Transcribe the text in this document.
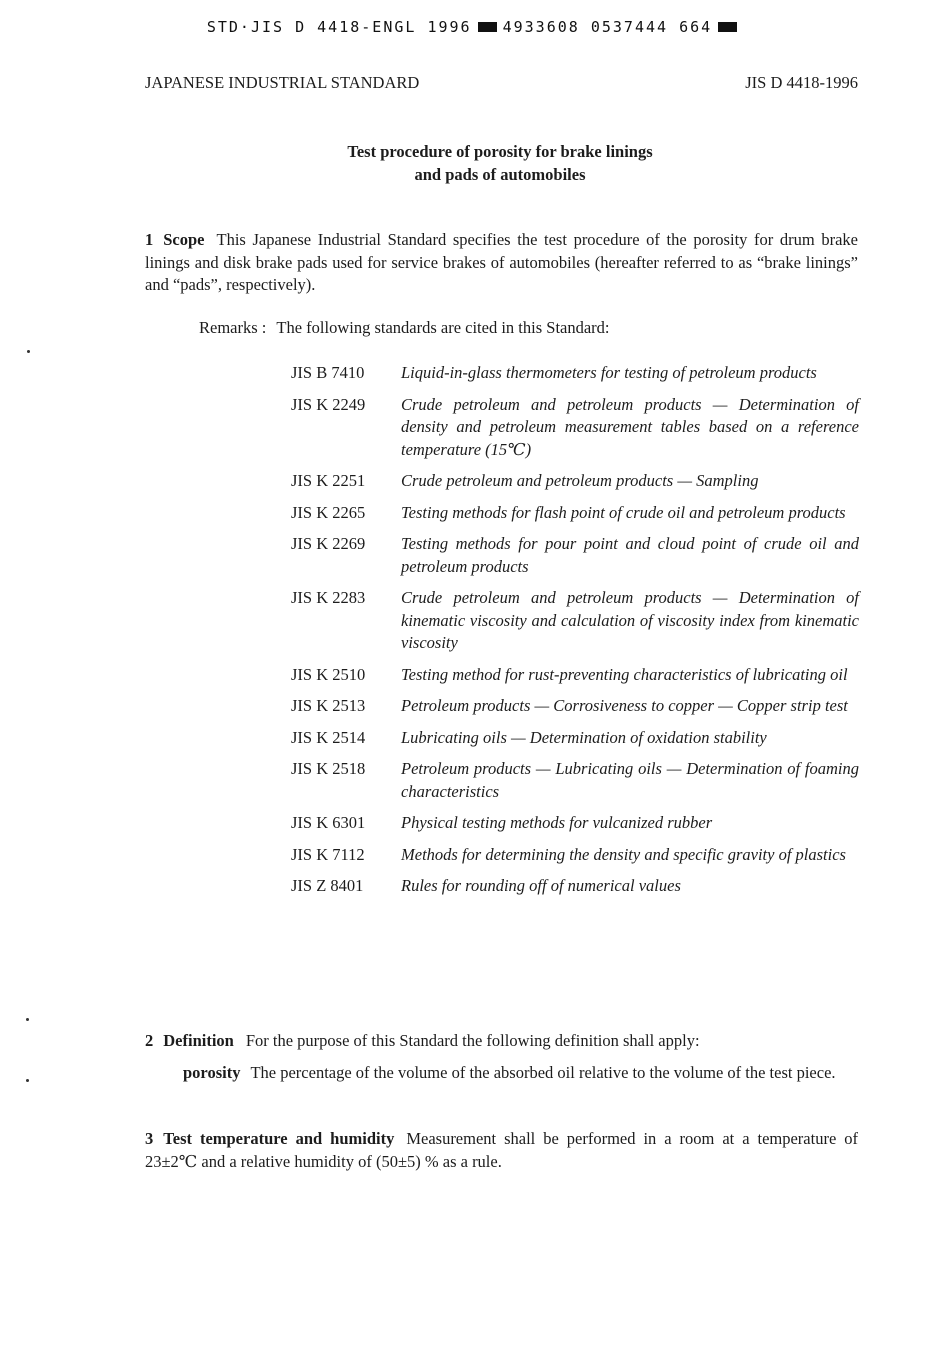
STD·JIS D 4418-ENGL 1996 4933608 0537444 664
JAPANESE INDUSTRIAL STANDARD	JIS D 4418-1996
Test procedure of porosity for brake linings
and pads of automobiles
1 Scope This Japanese Industrial Standard specifies the test procedure of the porosity for drum brake linings and disk brake pads used for service brakes of automobiles (hereafter referred to as “brake linings” and “pads”, respectively).
Remarks : The following standards are cited in this Standard:
JIS B 7410	Liquid-in-glass thermometers for testing of petroleum products
JIS K 2249	Crude petroleum and petroleum products — Determination of density and petroleum measurement tables based on a reference temperature (15℃)
JIS K 2251	Crude petroleum and petroleum products — Sampling
JIS K 2265	Testing methods for flash point of crude oil and petroleum products
JIS K 2269	Testing methods for pour point and cloud point of crude oil and petroleum products
JIS K 2283	Crude petroleum and petroleum products — Determination of kinematic viscosity and calculation of viscosity index from kinematic viscosity
JIS K 2510	Testing method for rust-preventing characteristics of lubricating oil
JIS K 2513	Petroleum products — Corrosiveness to copper — Copper strip test
JIS K 2514	Lubricating oils — Determination of oxidation stability
JIS K 2518	Petroleum products — Lubricating oils — Determination of foaming characteristics
JIS K 6301	Physical testing methods for vulcanized rubber
JIS K 7112	Methods for determining the density and specific gravity of plastics
JIS Z 8401	Rules for rounding off of numerical values
2 Definition For the purpose of this Standard the following definition shall apply:
porosity The percentage of the volume of the absorbed oil relative to the volume of the test piece.
3 Test temperature and humidity Measurement shall be performed in a room at a temperature of 23±2℃ and a relative humidity of (50±5) % as a rule.
